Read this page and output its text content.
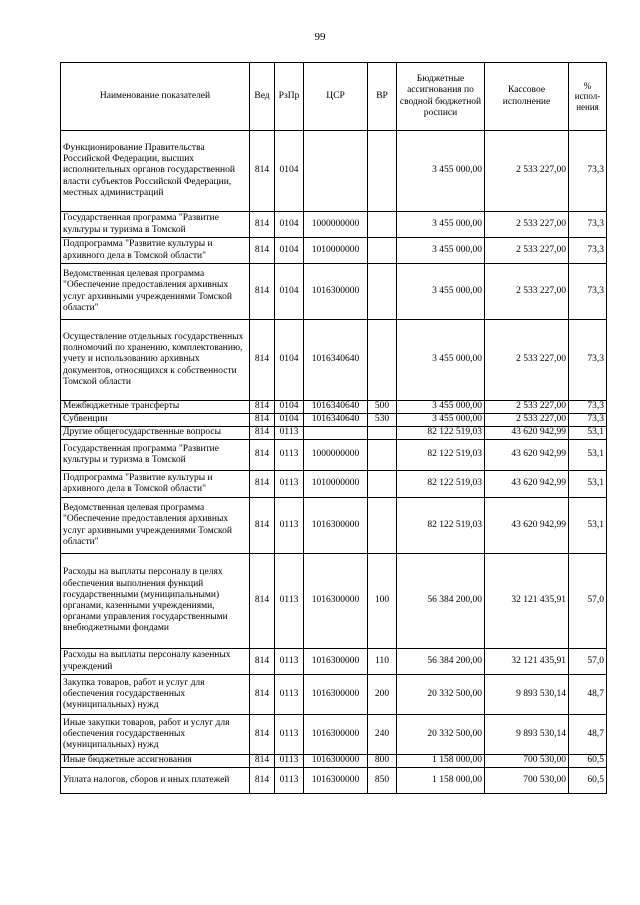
99
Наименование показателей	Вед	РзПр	ЦСР	ВР	Бюджетные ассигнования по сводной бюджетной росписи	Кассовое исполнение	% испол-нения
Функционирование Правительства Российской Федерации, высших исполнительных органов государственной власти субъектов Российской Федерации, местных администраций	814	0104			3 455 000,00	2 533 227,00	73,3
Государственная программа "Развитие культуры и туризма в Томской	814	0104	1000000000		3 455 000,00	2 533 227,00	73,3
Подпрограмма "Развитие культуры и архивного дела в Томской области"	814	0104	1010000000		3 455 000,00	2 533 227,00	73,3
Ведомственная целевая программа "Обеспечение предоставления архивных услуг архивными учреждениями Томской области"	814	0104	1016300000		3 455 000,00	2 533 227,00	73,3
Осуществление отдельных государственных полномочий по хранению, комплектованию, учету и использованию архивных документов, относящихся к собственности Томской области	814	0104	1016340640		3 455 000,00	2 533 227,00	73,3
Межбюджетные трансферты	814	0104	1016340640	500	3 455 000,00	2 533 227,00	73,3
Субвенции	814	0104	1016340640	530	3 455 000,00	2 533 227,00	73,3
Другие общегосударственные вопросы	814	0113			82 122 519,03	43 620 942,99	53,1
Государственная программа "Развитие культуры и туризма в Томской	814	0113	1000000000		82 122 519,03	43 620 942,99	53,1
Подпрограмма "Развитие культуры и архивного дела в Томской области"	814	0113	1010000000		82 122 519,03	43 620 942,99	53,1
Ведомственная целевая программа "Обеспечение предоставления архивных услуг архивными учреждениями Томской области"	814	0113	1016300000		82 122 519,03	43 620 942,99	53,1
Расходы на выплаты персоналу в целях обеспечения выполнения функций государственными (муниципальными) органами, казенными учреждениями, органами управления государственными внебюджетными фондами	814	0113	1016300000	100	56 384 200,00	32 121 435,91	57,0
Расходы на выплаты персоналу казенных учреждений	814	0113	1016300000	110	56 384 200,00	32 121 435,91	57,0
Закупка товаров, работ и услуг для обеспечения государственных (муниципальных) нужд	814	0113	1016300000	200	20 332 500,00	9 893 530,14	48,7
Иные закупки товаров, работ и услуг для обеспечения государственных (муниципальных) нужд	814	0113	1016300000	240	20 332 500,00	9 893 530,14	48,7
Иные бюджетные ассигнования	814	0113	1016300000	800	1 158 000,00	700 530,00	60,5
Уплата налогов, сборов и иных платежей	814	0113	1016300000	850	1 158 000,00	700 530,00	60,5
